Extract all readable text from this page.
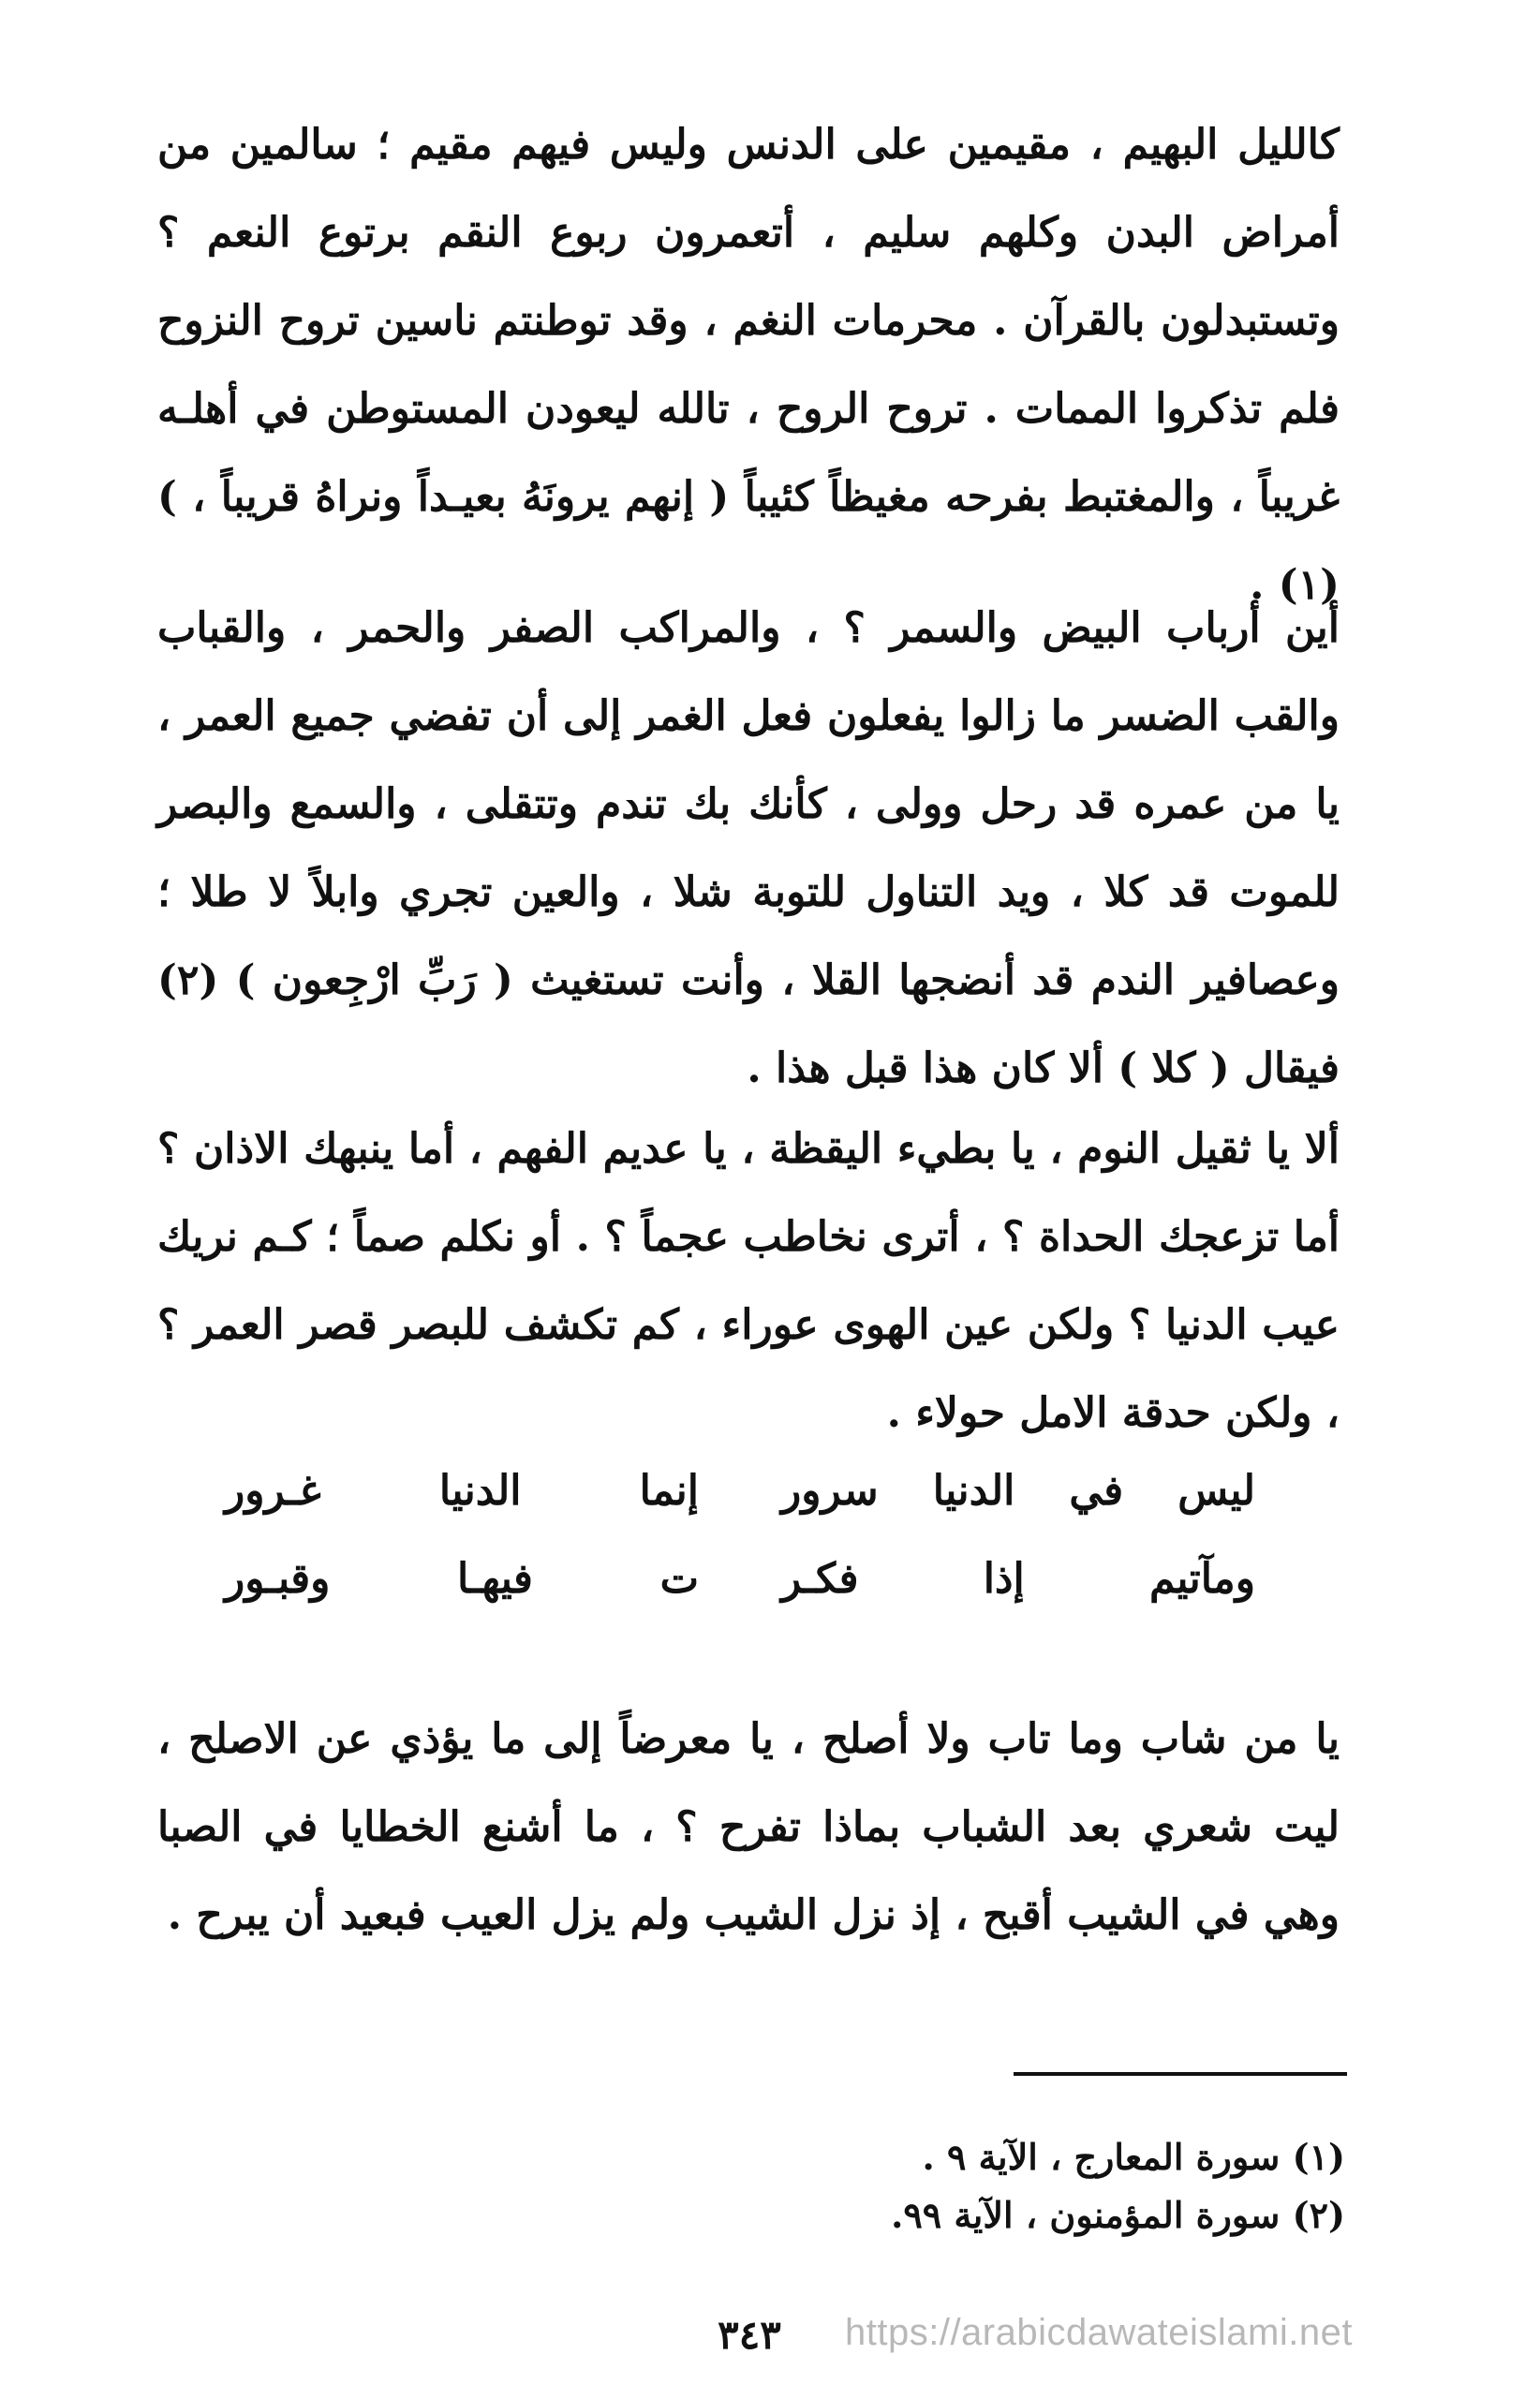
كالليل البهيم ، مقيمين على الدنس وليس فيهم مقيم ؛ سالمين من أمراض البدن وكلهم سليم ، أتعمرون ربوع النقم برتوع النعم ؟ وتستبدلون بالقرآن . محرمات النغم ، وقد توطنتم ناسين تروح النزوح فلم تذكروا الممات . تروح الروح ، تالله ليعودن المستوطن في أهلـه غريباً ، والمغتبط بفرحه مغيظاً كئيباً ( إنهم يرونَهُ بعيـداً ونراهُ قريباً ، ) (١) .

أين أرباب البيض والسمر ؟ ، والمراكب الصفر والحمر ، والقباب والقب الضسر ما زالوا يفعلون فعل الغمر إلى أن تفضي جميع العمر ، يا من عمره قد رحل وولى ، كأنك بك تندم وتتقلى ، والسمع والبصر للموت قد كلا ، ويد التناول للتوبة شلا ، والعين تجري وابلاً لا طلا ؛ وعصافير الندم قد أنضجها القلا ، وأنت تستغيث ( رَبِّ ارْجِعون ) (٢) فيقال ( كلا ) ألا كان هذا قبل هذا .

ألا يا ثقيل النوم ، يا بطيء اليقظة ، يا عديم الفهم ، أما ينبهك الاذان ؟ أما تزعجك الحداة ؟ ، أترى نخاطب عجماً ؟ . أو نكلم صماً ؛ كـم نريك عيب الدنيا ؟ ولكن عين الهوى عوراء ، كم تكشف للبصر قصر العمر ؟ ، ولكن حدقة الامل حولاء .

ليس في الدنيا سرور
إنما الدنيا غـرور
ومآتيم إذا فكـر
ت فيهـا وقبـور

يا من شاب وما تاب ولا أصلح ، يا معرضاً إلى ما يؤذي عن الاصلح ، ليت شعري بعد الشباب بماذا تفرح ؟ ، ما أشنع الخطايا في الصبا وهي في الشيب أقبح ، إذ نزل الشيب ولم يزل العيب فبعيد أن يبرح .

(١) سورة المعارج ، الآية ٩ .
(٢) سورة المؤمنون ، الآية ٩٩.
٣٤٣	https://arabicdawateislami.net
